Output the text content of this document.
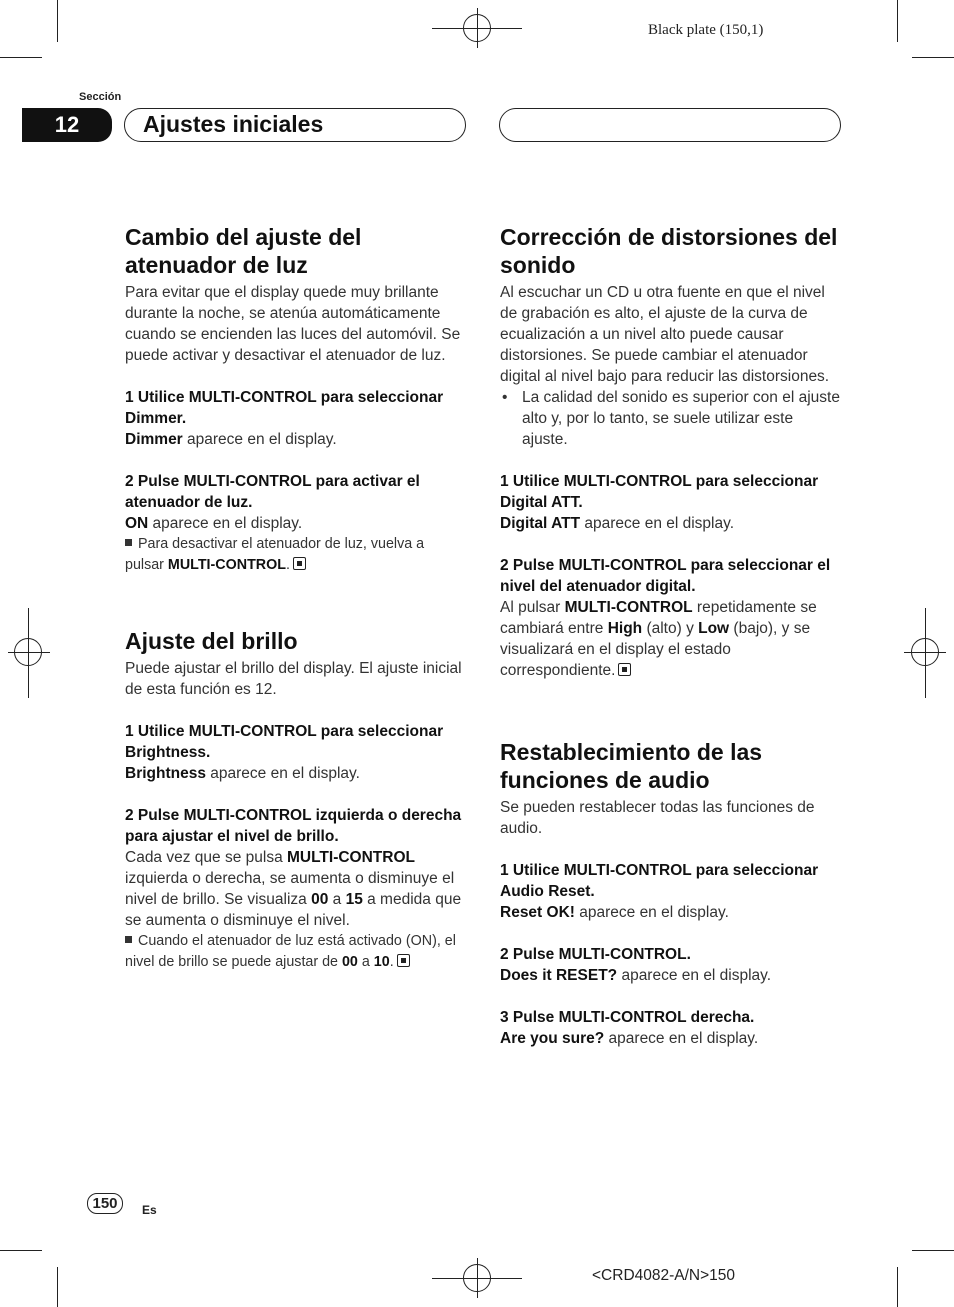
Black plate (150,1)
Sección
12	Ajustes iniciales
Cambio del ajuste del atenuador de luz

Para evitar que el display quede muy brillante durante la noche, se atenúa automáticamente cuando se encienden las luces del automóvil. Se puede activar y desactivar el atenuador de luz.

1 Utilice MULTI-CONTROL para seleccionar Dimmer.

Dimmer aparece en el display.

2 Pulse MULTI-CONTROL para activar el atenuador de luz.

ON aparece en el display.

Para desactivar el atenuador de luz, vuelva a pulsar MULTI-CONTROL.

Ajuste del brillo

Puede ajustar el brillo del display. El ajuste inicial de esta función es 12.

1 Utilice MULTI-CONTROL para seleccionar Brightness.

Brightness aparece en el display.

2 Pulse MULTI-CONTROL izquierda o derecha para ajustar el nivel de brillo.

Cada vez que se pulsa MULTI-CONTROL izquierda o derecha, se aumenta o disminuye el nivel de brillo. Se visualiza 00 a 15 a medida que se aumenta o disminuye el nivel.

Cuando el atenuador de luz está activado (ON), el nivel de brillo se puede ajustar de 00 a 10.

Corrección de distorsiones del sonido

Al escuchar un CD u otra fuente en que el nivel de grabación es alto, el ajuste de la curva de ecualización a un nivel alto puede causar distorsiones. Se puede cambiar el atenuador digital al nivel bajo para reducir las distorsiones.

• La calidad del sonido es superior con el ajuste alto y, por lo tanto, se suele utilizar este ajuste.

1 Utilice MULTI-CONTROL para seleccionar Digital ATT.

Digital ATT aparece en el display.

2 Pulse MULTI-CONTROL para seleccionar el nivel del atenuador digital.

Al pulsar MULTI-CONTROL repetidamente se cambiará entre High (alto) y Low (bajo), y se visualizará en el display el estado correspondiente.

Restablecimiento de las funciones de audio

Se pueden restablecer todas las funciones de audio.

1 Utilice MULTI-CONTROL para seleccionar Audio Reset.

Reset OK! aparece en el display.

2 Pulse MULTI-CONTROL.

Does it RESET? aparece en el display.

3 Pulse MULTI-CONTROL derecha.

Are you sure? aparece en el display.

150 Es
<CRD4082-A/N>150
